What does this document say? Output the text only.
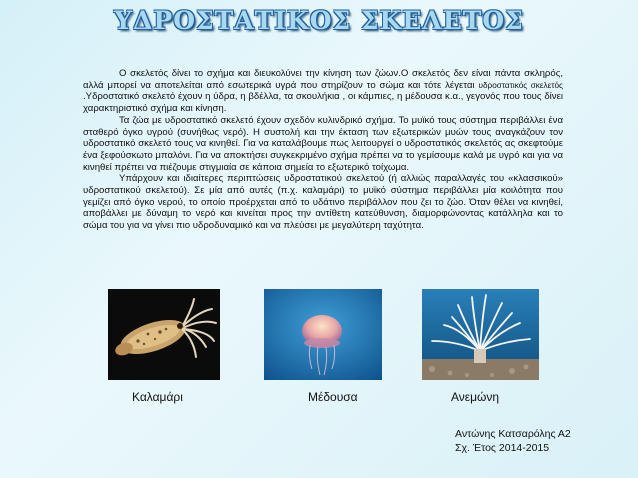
ΥΔΡΟΣΤΑΤΙΚΟΣ ΣΚΕΛΕΤΟΣ

Ο σκελετός δίνει το σχήμα και διευκολύνει την κίνηση των ζώων.Ο σκελετός δεν είναι πάντα σκληρός, αλλά μπορεί να αποτελείται από εσωτερικά υγρά που στηρίζουν το σώμα και τότε λέγεται υδροστατικός σκελετός .Υδροστατικό σκελετό έχουν η ύδρα, η βδέλλα, τα σκουλήκια , οι κάμπιες, η μέδουσα κ.α., γεγονός που τους δίνει χαρακτηριστικό σχήμα και κίνηση.

Τα ζώα με υδροστατικό σκελετό έχουν σχεδόν κυλινδρικό σχήμα. Το μυϊκό τους σύστημα περιβάλλει ένα σταθερό όγκο υγρού (συνήθως νερό). Η συστολή και την έκταση των εξωτερικών μυών τους αναγκάζουν τον υδροστατικό σκελετό τους να κινηθεί. Για να καταλάβουμε πως λειτουργεί ο υδροστατικός σκελετός ας σκεφτούμε ένα ξεφούσκωτο μπαλόνι. Για να αποκτήσει συγκεκριμένο σχήμα πρέπει να το γεμίσουμε καλά με υγρό και για να κινηθεί πρέπει να πιέζουμε στιγμιαία σε κάποια σημεία το εξωτερικό τοίχωμα.

Υπάρχουν και ιδιαίτερες περιπτώσεις υδροστατικού σκελετού (ή αλλιώς παραλλαγές του «κλασσικού» υδροστατικού σκελετού). Σε μία από αυτές (π.χ. καλαμάρι) το μυϊκό σύστημα περιβάλλει μία κοιλότητα που γεμίζει από όγκο νερού, το οποίο προέρχεται από το υδάτινο περιβάλλον που ζει το ζώο. Όταν θέλει να κινηθεί, αποβάλλει με δύναμη το νερό και κινείται προς την αντίθετη κατεύθυνση, διαμορφώνοντας κατάλληλα και το σώμα του για να γίνει πιο υδροδυναμικό και να πλεύσει με μεγαλύτερη ταχύτητα.

Καλαμάρι	Μέδουσα	Ανεμώνη
Αντώνης Κατσαρόλης Α2
Σχ. Έτος 2014-2015
